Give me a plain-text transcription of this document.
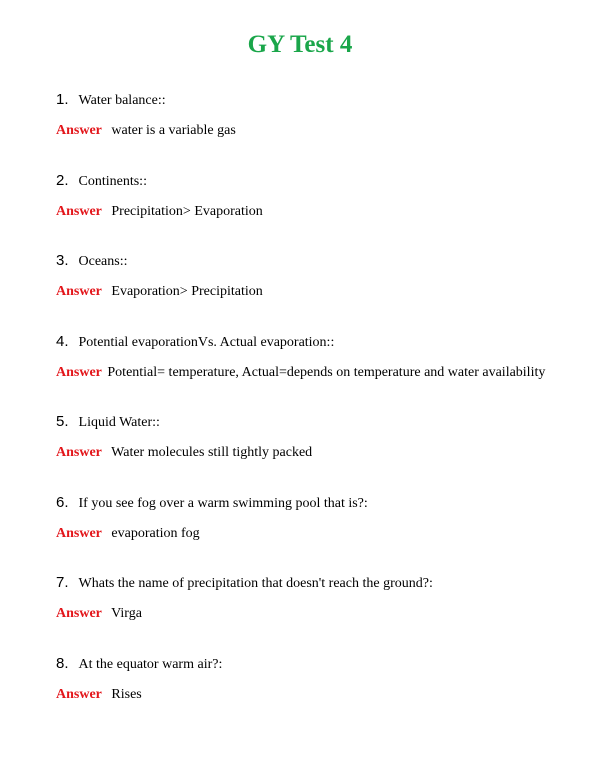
GY Test 4
1. Water balance::
Answer water is a variable gas
2. Continents::
Answer Precipitation> Evaporation
3. Oceans::
Answer Evaporation> Precipitation
4. Potential evaporationVs. Actual evaporation::
Answer Potential= temperature, Actual=depends on temperature and water availability
5. Liquid Water::
Answer Water molecules still tightly packed
6. If you see fog over a warm swimming pool that is?:
Answer evaporation fog
7. Whats the name of precipitation that doesn't reach the ground?:
Answer Virga
8. At the equator warm air?:
Answer Rises
